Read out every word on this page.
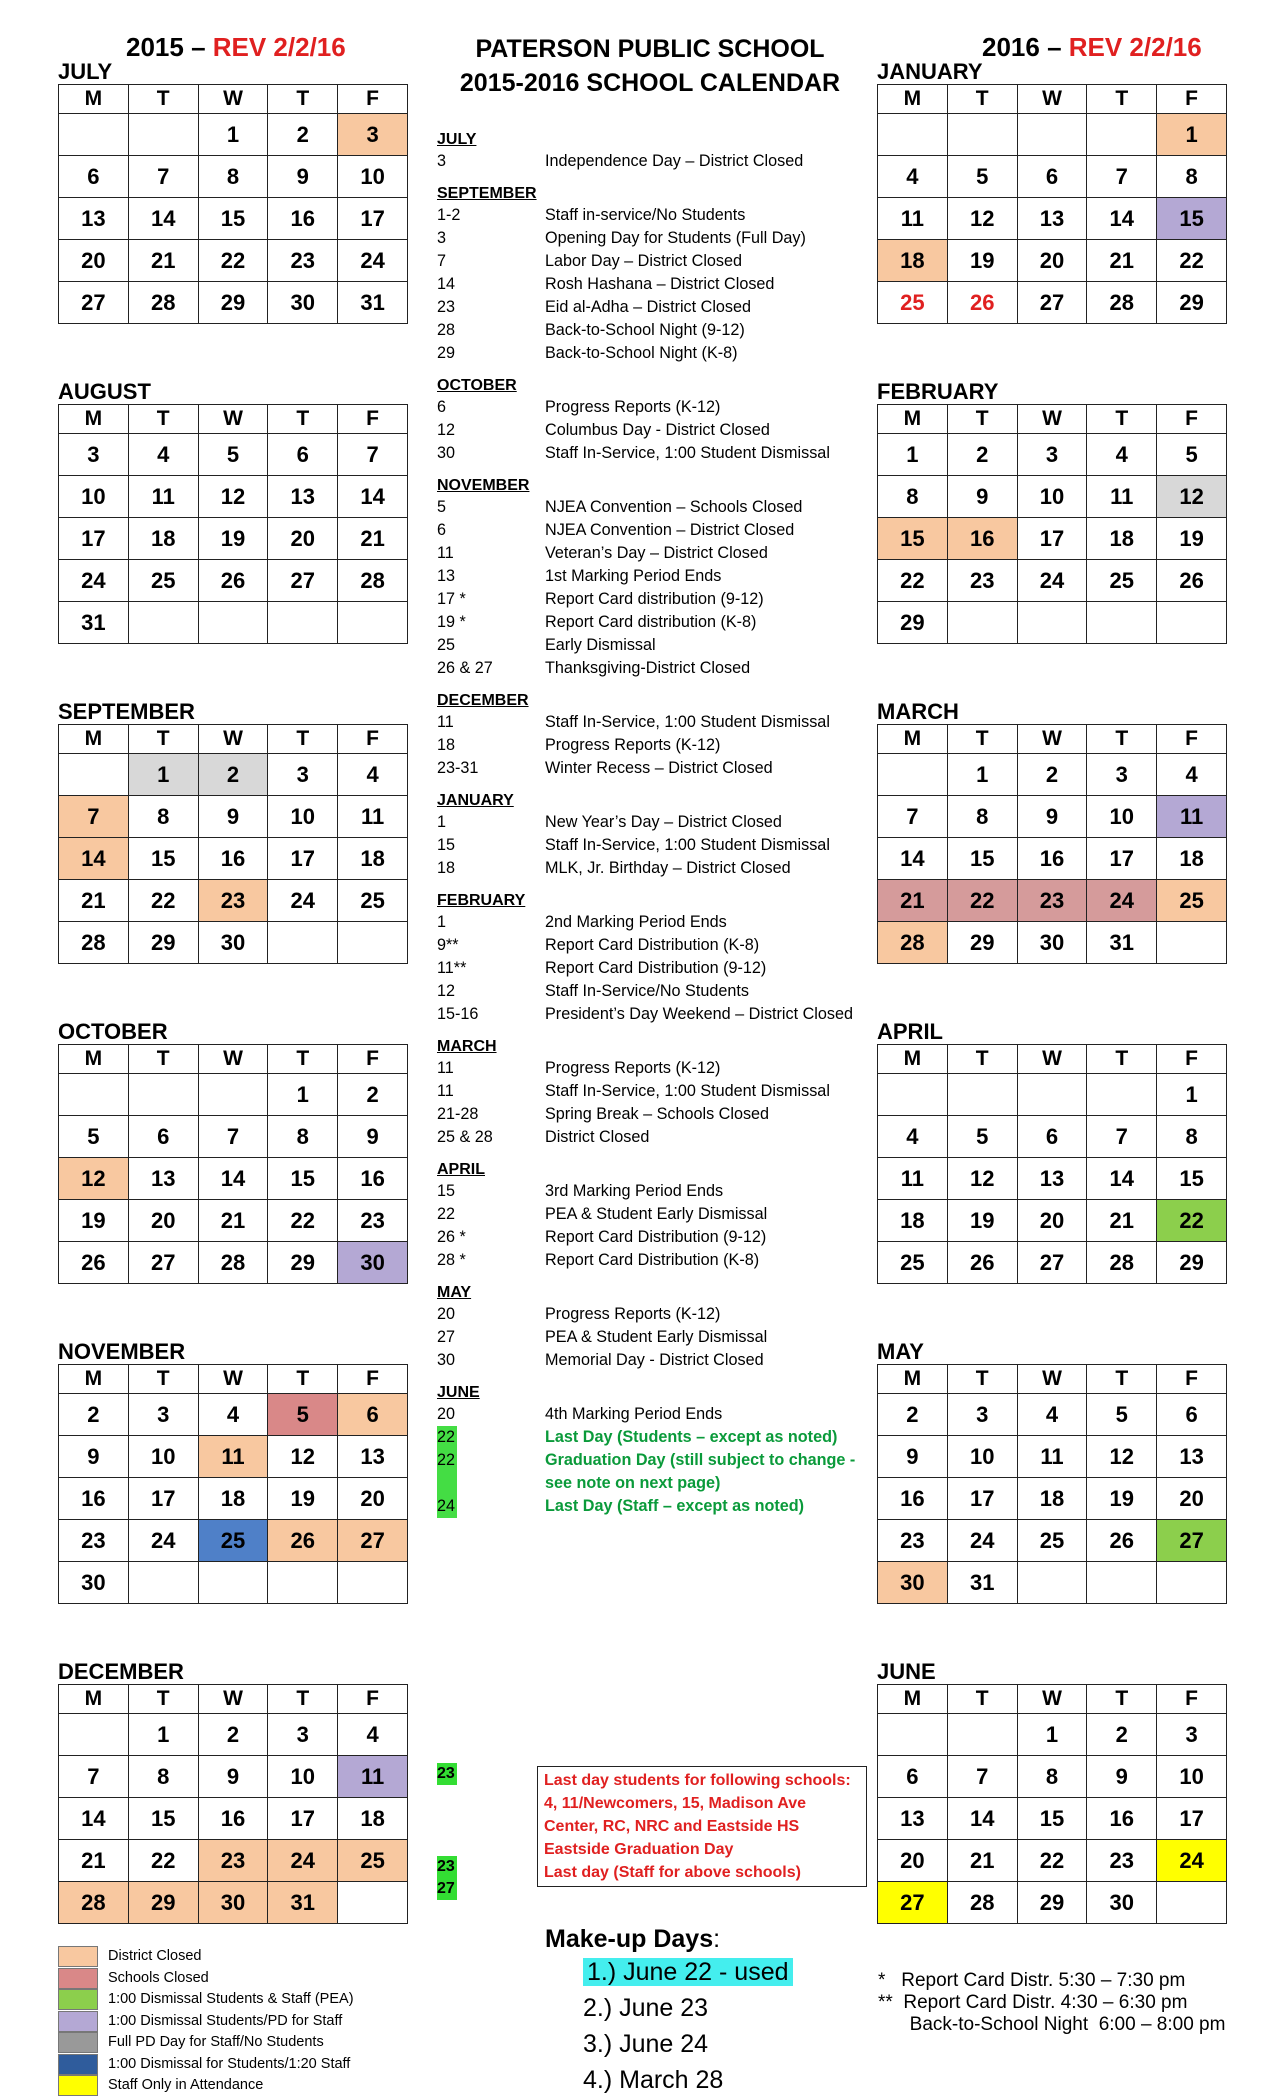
2015 – REV 2/2/16	PATERSON PUBLIC SCHOOL
2015-2016 SCHOOL CALENDAR
2016 – REV 2/2/16
JULY
M	T	W	T	F
		1	2	3
6	7	8	9	10
13	14	15	16	17
20	21	22	23	24
27	28	29	30	31
AUGUST
M	T	W	T	F
3	4	5	6	7
10	11	12	13	14
17	18	19	20	21
24	25	26	27	28
31				
SEPTEMBER
M	T	W	T	F
	1	2	3	4
7	8	9	10	11
14	15	16	17	18
21	22	23	24	25
28	29	30		
OCTOBER
M	T	W	T	F
			1	2
5	6	7	8	9
12	13	14	15	16
19	20	21	22	23
26	27	28	29	30
NOVEMBER
M	T	W	T	F
2	3	4	5	6
9	10	11	12	13
16	17	18	19	20
23	24	25	26	27
30				
DECEMBER
M	T	W	T	F
	1	2	3	4
7	8	9	10	11
14	15	16	17	18
21	22	23	24	25
28	29	30	31	
JANUARY
M	T	W	T	F
				1
4	5	6	7	8
11	12	13	14	15
18	19	20	21	22
25	26	27	28	29
FEBRUARY
M	T	W	T	F
1	2	3	4	5
8	9	10	11	12
15	16	17	18	19
22	23	24	25	26
29				
MARCH
M	T	W	T	F
	1	2	3	4
7	8	9	10	11
14	15	16	17	18
21	22	23	24	25
28	29	30	31	
APRIL
M	T	W	T	F
				1
4	5	6	7	8
11	12	13	14	15
18	19	20	21	22
25	26	27	28	29
MAY
M	T	W	T	F
2	3	4	5	6
9	10	11	12	13
16	17	18	19	20
23	24	25	26	27
30	31			
JUNE
M	T	W	T	F
		1	2	3
6	7	8	9	10
13	14	15	16	17
20	21	22	23	24
27	28	29	30	
JULY
3	Independence Day – District Closed
SEPTEMBER
1-2	Staff in-service/No Students
3	Opening Day for Students (Full Day)
7	Labor Day – District Closed
14	Rosh Hashana – District Closed
23	Eid al-Adha – District Closed
28	Back-to-School Night (9-12)
29	Back-to-School Night (K-8)
OCTOBER
6	Progress Reports (K-12)
12	Columbus Day - District Closed
30	Staff In-Service, 1:00 Student Dismissal
NOVEMBER
5	NJEA Convention – Schools Closed
6	NJEA Convention – District Closed
11	Veteran’s Day – District Closed
13	1st Marking Period Ends
17 *	Report Card distribution (9-12)
19 *	Report Card distribution (K-8)
25	Early Dismissal
26 & 27	Thanksgiving-District Closed
DECEMBER
11	Staff In-Service, 1:00 Student Dismissal
18	Progress Reports (K-12)
23-31	Winter Recess – District Closed
JANUARY
1	New Year’s Day – District Closed
15	Staff In-Service, 1:00 Student Dismissal
18	MLK, Jr. Birthday – District Closed
FEBRUARY
1	2nd Marking Period Ends
9**	Report Card Distribution (K-8)
11**	Report Card Distribution (9-12)
12	Staff In-Service/No Students
15-16	President’s Day Weekend – District Closed
MARCH
11	Progress Reports (K-12)
11	Staff In-Service, 1:00 Student Dismissal
21-28	Spring Break – Schools Closed
25 & 28	District Closed
APRIL
15	3rd Marking Period Ends
22	PEA & Student Early Dismissal
26 *	Report Card Distribution (9-12)
28 *	Report Card Distribution (K-8)
MAY
20	Progress Reports (K-12)
27	PEA & Student Early Dismissal
30	Memorial Day - District Closed
JUNE
20	4th Marking Period Ends
22	Last Day (Students – except as noted)
22	Graduation Day (still subject to change - see note on next page)
24	Last Day (Staff – except as noted)
23
23
27
Last day students for following schools: 4, 11/Newcomers, 15, Madison Ave Center, RC, NRC and Eastside HS
Eastside Graduation Day
Last day (Staff for above schools)
Make-up Days:
1.) June 22 - used
2.) June 23
3.) June 24
4.) March 28
District Closed
Schools Closed
1:00 Dismissal Students & Staff (PEA)
1:00 Dismissal Students/PD for Staff
Full PD Day for Staff/No Students
1:00 Dismissal for Students/1:20 Staff
Staff Only in Attendance
*   Report Card Distr. 5:30 – 7:30 pm
**  Report Card Distr. 4:30 – 6:30 pm
Back-to-School Night  6:00 – 8:00 pm
